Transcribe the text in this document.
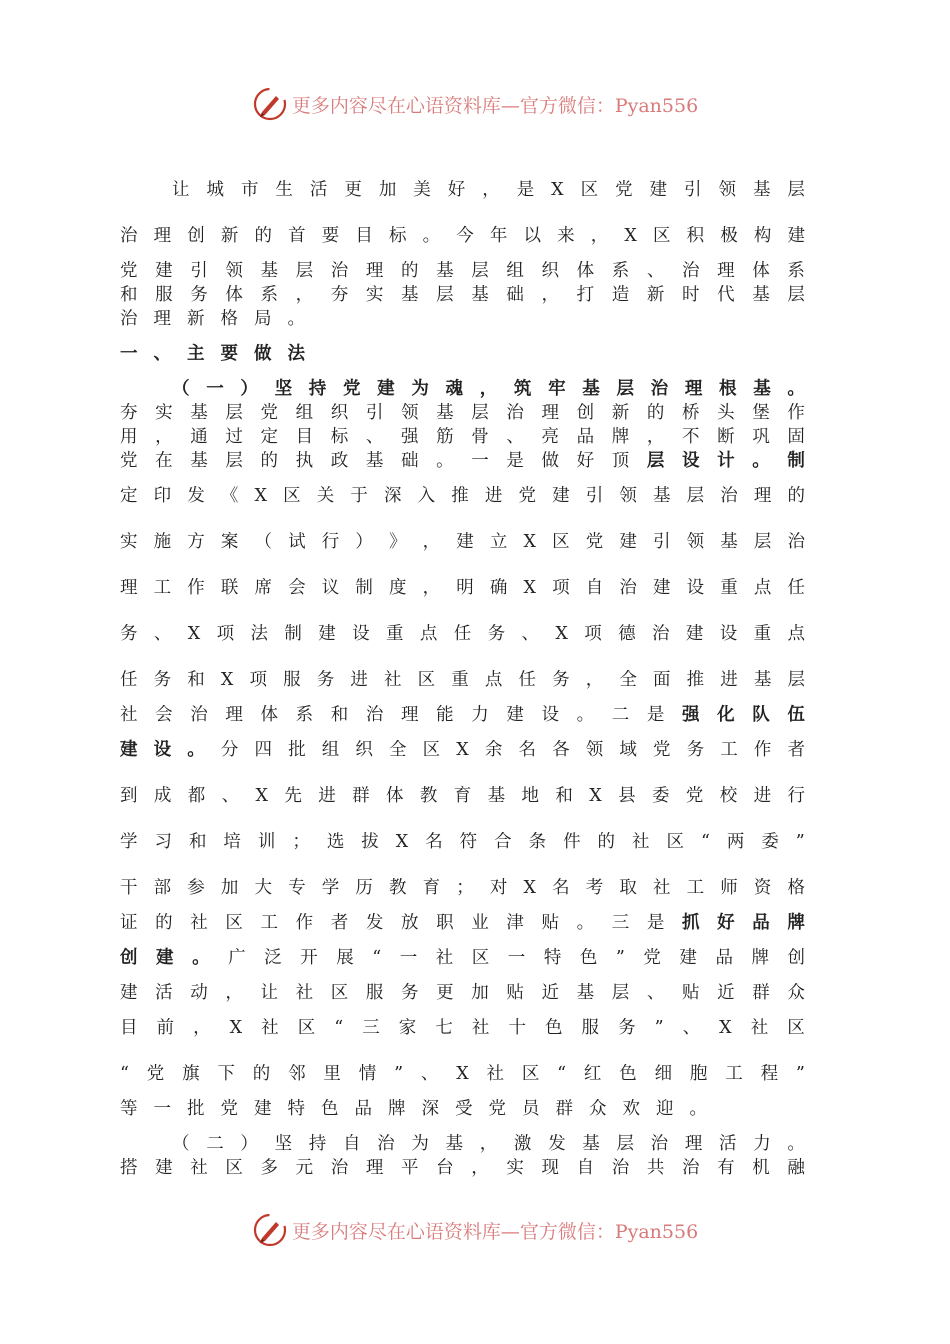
更多内容尽在心语资料库—官方微信：Pyan556
让 城 市 生 活 更 加 美 好 ， 是 X 区 党 建 引 领 基 层
治 理 创 新 的 首 要 目 标 。 今 年 以 来 ， X 区 积 极 构 建
党 建 引 领 基 层 治 理 的 基 层 组 织 体 系 、 治 理 体 系
和 服 务 体 系 ， 夯 实 基 层 基 础 ， 打 造 新 时 代 基 层
治 理 新 格 局 。
一 、 主 要 做 法
（ 一 ） 坚 持 党 建 为 魂 ， 筑 牢 基 层 治 理 根 基 。
夯 实 基 层 党 组 织 引 领 基 层 治 理 创 新 的 桥 头 堡 作
用 ， 通 过 定 目 标 、 强 筋 骨 、 亮 品 牌 ， 不 断 巩 固
党 在 基 层 的 执 政 基 础 。 一 是 做 好 顶 层 设 计 。 制
定 印 发 《 X 区 关 于 深 入 推 进 党 建 引 领 基 层 治 理 的
实 施 方 案 （ 试 行 ） 》 ， 建 立 X 区 党 建 引 领 基 层 治
理 工 作 联 席 会 议 制 度 ， 明 确 X 项 自 治 建 设 重 点 任
务 、 X 项 法 制 建 设 重 点 任 务 、 X 项 德 治 建 设 重 点
任 务 和 X 项 服 务 进 社 区 重 点 任 务 ， 全 面 推 进 基 层
社 会 治 理 体 系 和 治 理 能 力 建 设 。 二 是 强 化 队 伍
建 设 。 分 四 批 组 织 全 区 X 余 名 各 领 域 党 务 工 作 者
到 成 都 、 X 先 进 群 体 教 育 基 地 和 X 县 委 党 校 进 行
学 习 和 培 训 ； 选 拔 X 名 符 合 条 件 的 社 区 “ 两 委 ”
干 部 参 加 大 专 学 历 教 育 ； 对 X 名 考 取 社 工 师 资 格
证 的 社 区 工 作 者 发 放 职 业 津 贴 。 三 是 抓 好 品 牌
创 建 。 广 泛 开 展 “ 一 社 区 一 特 色 ” 党 建 品 牌 创
建 活 动 ， 让 社 区 服 务 更 加 贴 近 基 层 、 贴 近 群 众
目 前 ， X 社 区 “ 三 家 七 社 十 色 服 务 ” 、 X 社 区
“ 党 旗 下 的 邻 里 情 ” 、 X 社 区 “ 红 色 细 胞 工 程 ”
等 一 批 党 建 特 色 品 牌 深 受 党 员 群 众 欢 迎 。
（ 二 ） 坚 持 自 治 为 基 ， 激 发 基 层 治 理 活 力 。
搭 建 社 区 多 元 治 理 平 台 ， 实 现 自 治 共 治 有 机 融
更多内容尽在心语资料库—官方微信：Pyan556
